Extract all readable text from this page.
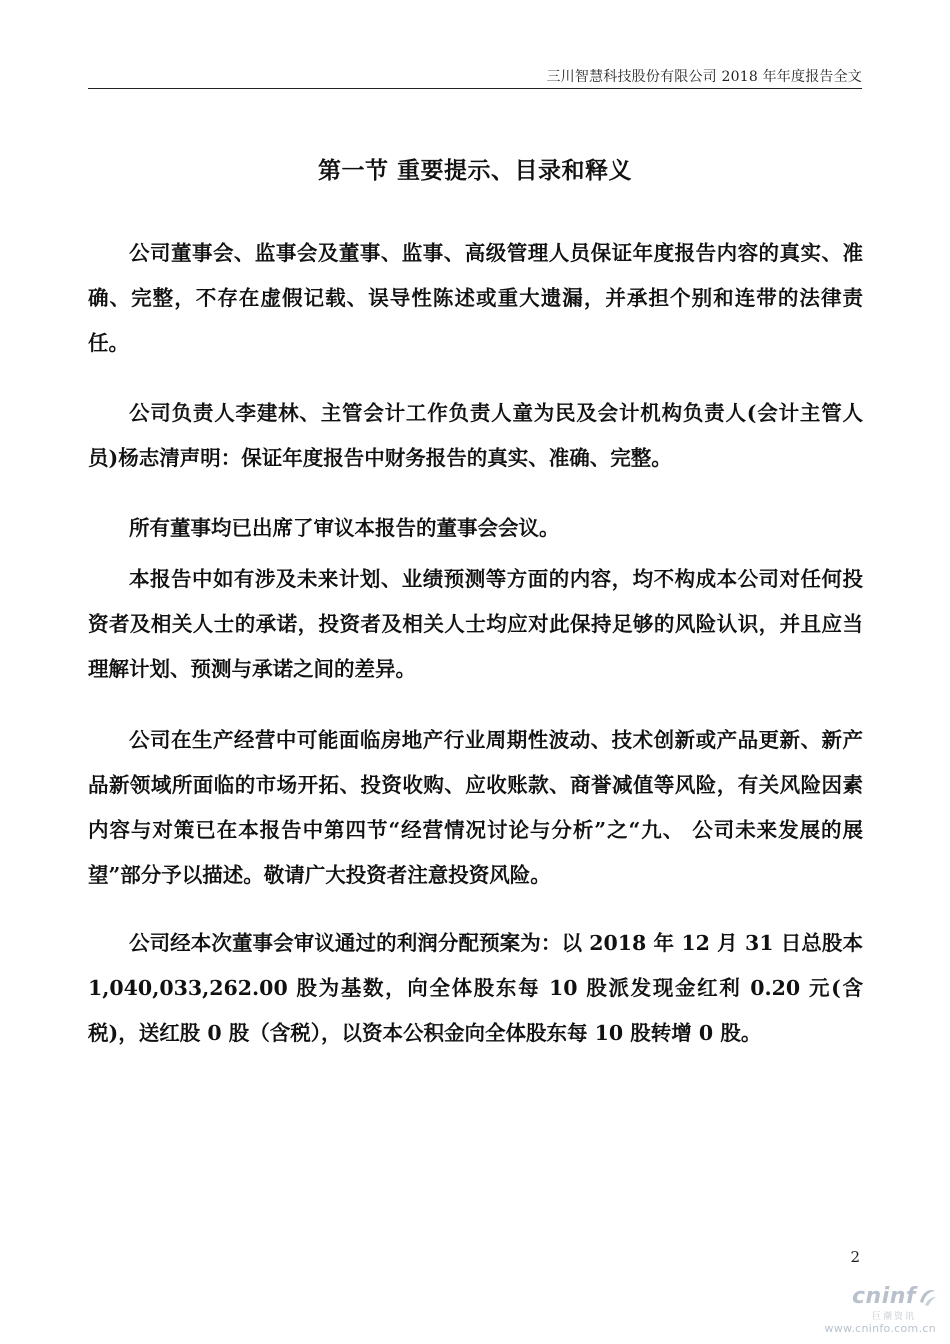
三川智慧科技股份有限公司 2018 年年度报告全文
第一节 重要提示、目录和释义

公司董事会、监事会及董事、监事、高级管理人员保证年度报告内容的真实、准确、完整，不存在虚假记载、误导性陈述或重大遗漏，并承担个别和连带的法律责任。

公司负责人李建林、主管会计工作负责人童为民及会计机构负责人(会计主管人员)杨志清声明：保证年度报告中财务报告的真实、准确、完整。

所有董事均已出席了审议本报告的董事会会议。

本报告中如有涉及未来计划、业绩预测等方面的内容，均不构成本公司对任何投资者及相关人士的承诺，投资者及相关人士均应对此保持足够的风险认识，并且应当理解计划、预测与承诺之间的差异。

公司在生产经营中可能面临房地产行业周期性波动、技术创新或产品更新、新产品新领域所面临的市场开拓、投资收购、应收账款、商誉减值等风险，有关风险因素内容与对策已在本报告中第四节“经营情况讨论与分析”之“九、 公司未来发展的展望”部分予以描述。敬请广大投资者注意投资风险。

公司经本次董事会审议通过的利润分配预案为：以 2018 年 12 月 31 日总股本 1,040,033,262.00 股为基数，向全体股东每 10 股派发现金红利 0.20 元(含税)，送红股 0 股（含税），以资本公积金向全体股东每 10 股转增 0 股。

2
cninf
巨潮资讯
www.cninfo.com.cn
